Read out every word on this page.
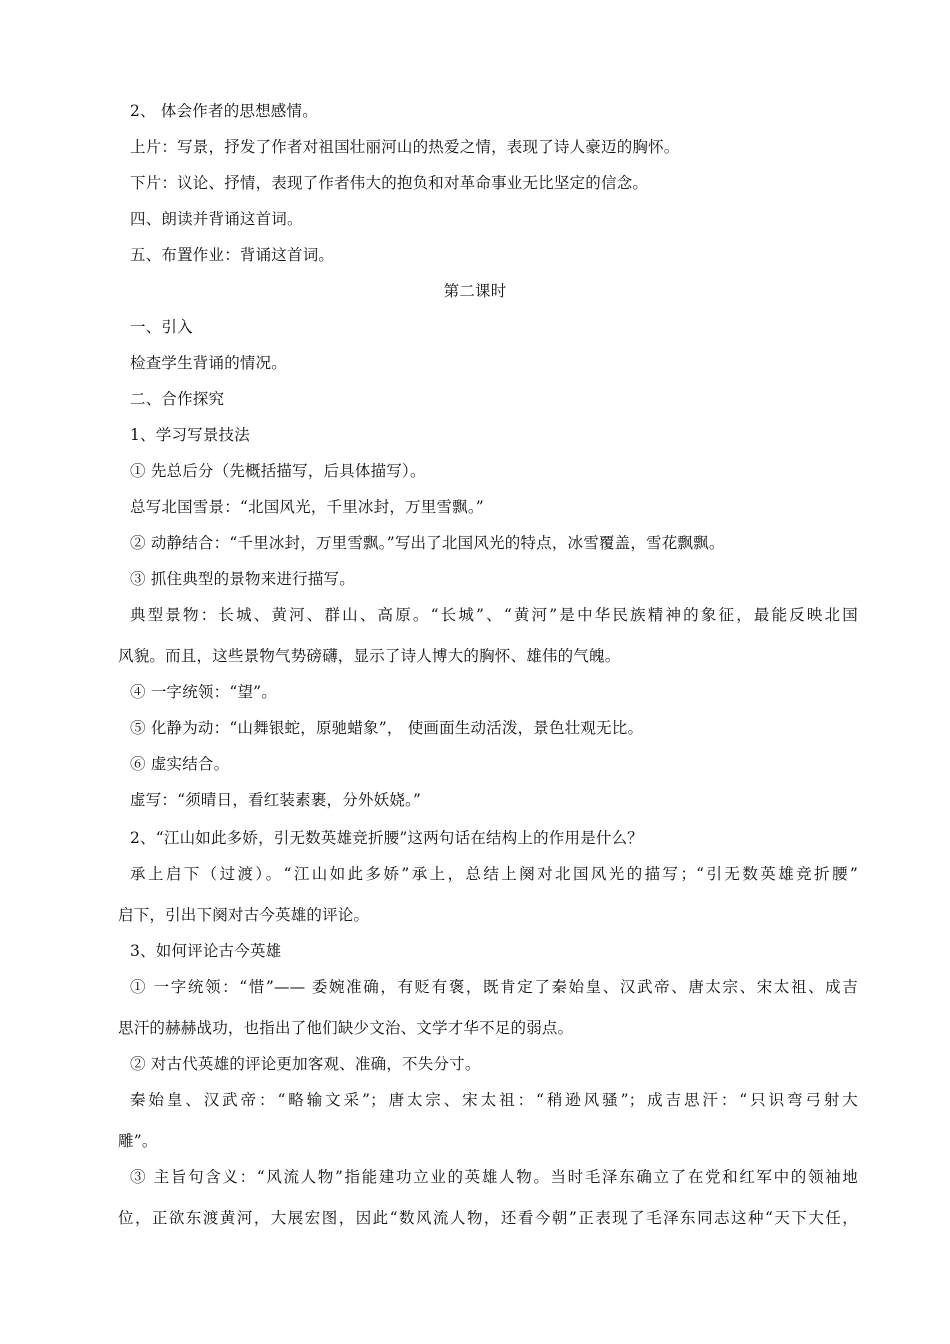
2、 体会作者的思想感情。
上片：写景，抒发了作者对祖国壮丽河山的热爱之情，表现了诗人豪迈的胸怀。
下片：议论、抒情，表现了作者伟大的抱负和对革命事业无比坚定的信念。
四、朗读并背诵这首词。
五、布置作业：背诵这首词。
第二课时
一、引入
检查学生背诵的情况。
二、合作探究
1、学习写景技法
① 先总后分（先概括描写，后具体描写）。
总写北国雪景：“北国风光，千里冰封，万里雪飘。”
② 动静结合：“千里冰封，万里雪飘。”写出了北国风光的特点，冰雪覆盖，雪花飘飘。
③ 抓住典型的景物来进行描写。
典型景物：长城、黄河、群山、高原。“长城”、“黄河”是中华民族精神的象征，最能反映北国
风貌。而且，这些景物气势磅礴，显示了诗人博大的胸怀、雄伟的气魄。
④ 一字统领：“望”。
⑤ 化静为动：“山舞银蛇，原驰蜡象”， 使画面生动活泼，景色壮观无比。
⑥ 虚实结合。
虚写：“须晴日，看红装素裹，分外妖娆。”
2、“江山如此多娇，引无数英雄竞折腰”这两句话在结构上的作用是什么？
承上启下（过渡）。“江山如此多娇”承上，总结上阕对北国风光的描写；“引无数英雄竞折腰”
启下，引出下阕对古今英雄的评论。
3、如何评论古今英雄
① 一字统领：“惜”—— 委婉准确，有贬有褒，既肯定了秦始皇、汉武帝、唐太宗、宋太祖、成吉
思汗的赫赫战功，也指出了他们缺少文治、文学才华不足的弱点。
② 对古代英雄的评论更加客观、准确，不失分寸。
秦始皇、汉武帝：“略输文采”；唐太宗、宋太祖：“稍逊风骚”；成吉思汗：“只识弯弓射大
雕”。
③ 主旨句含义：“风流人物”指能建功立业的英雄人物。当时毛泽东确立了在党和红军中的领袖地
位，正欲东渡黄河，大展宏图，因此“数风流人物，还看今朝”正表现了毛泽东同志这种“天下大任，
